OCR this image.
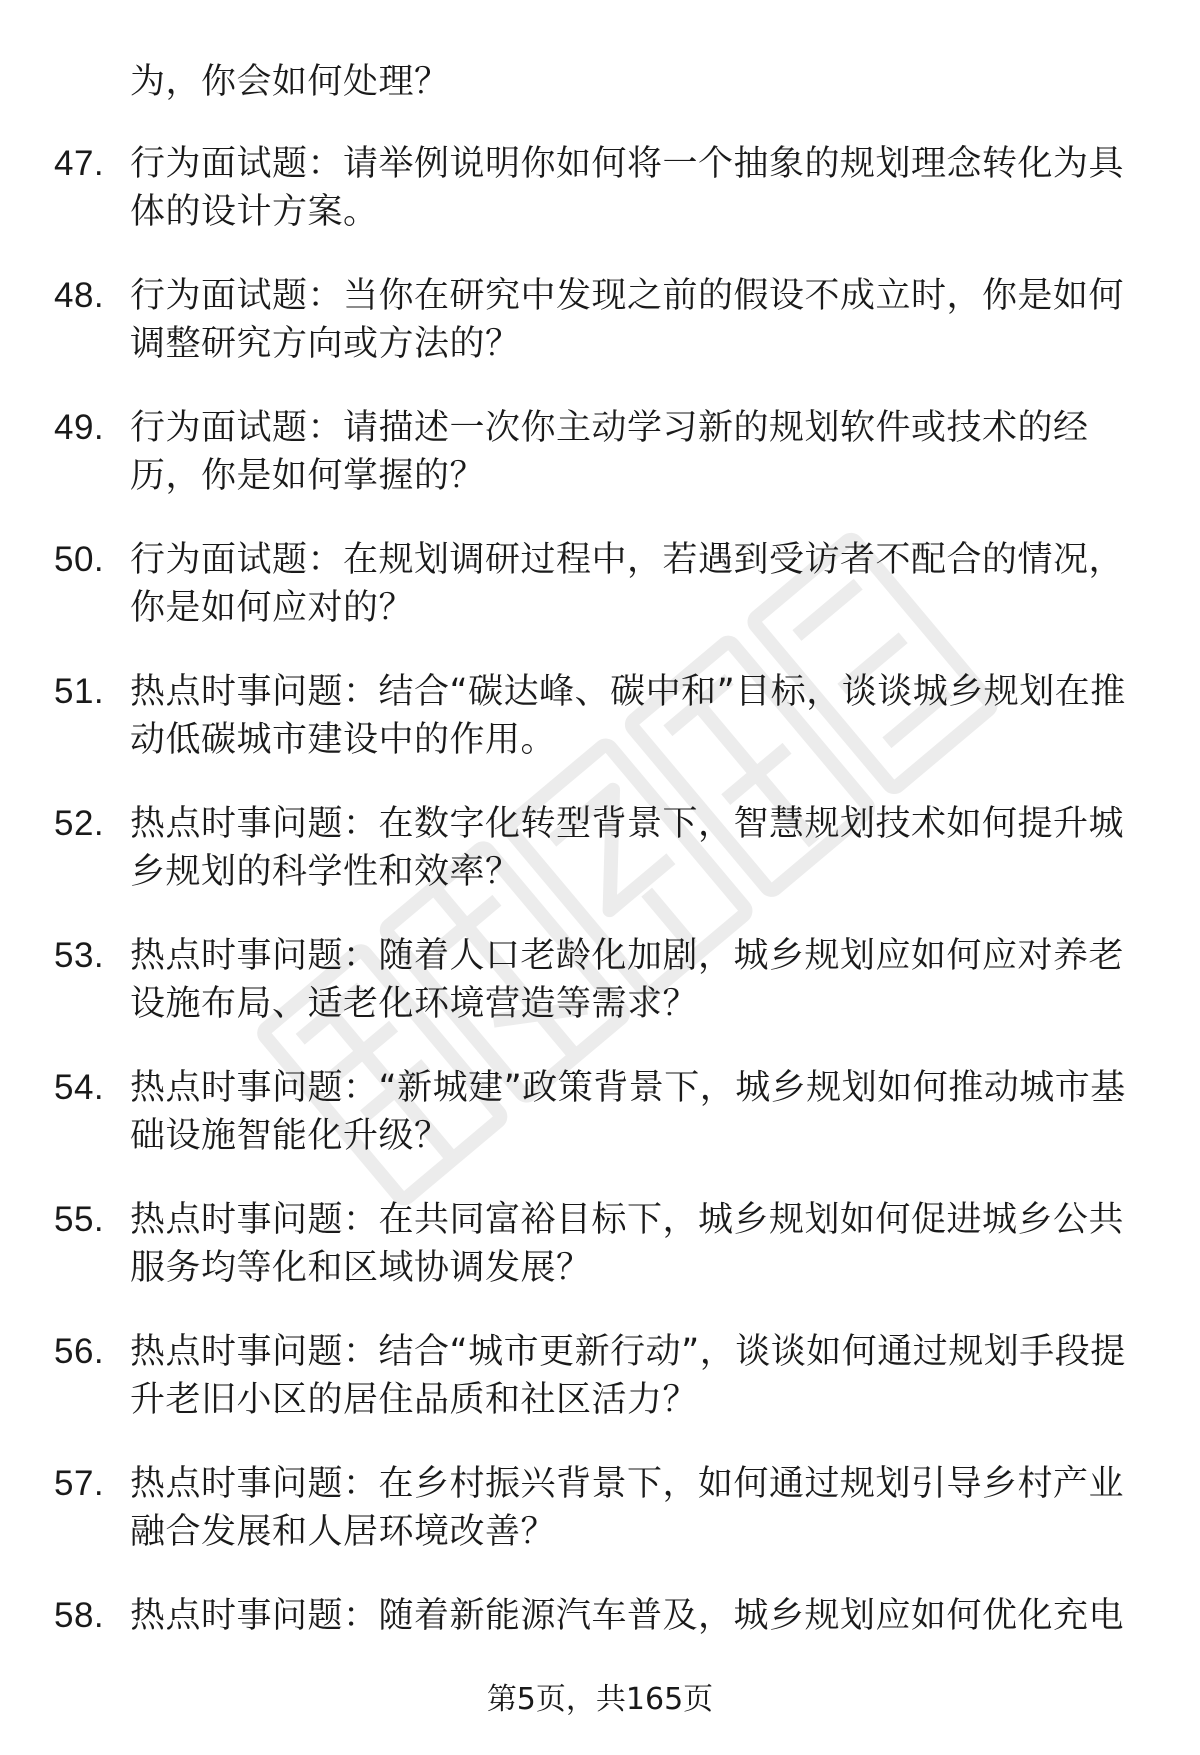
为，你会如何处理？
47. 行为面试题：请举例说明你如何将一个抽象的规划理念转化为具体的设计方案。
48. 行为面试题：当你在研究中发现之前的假设不成立时，你是如何调整研究方向或方法的？
49. 行为面试题：请描述一次你主动学习新的规划软件或技术的经历，你是如何掌握的？
50. 行为面试题：在规划调研过程中，若遇到受访者不配合的情况，你是如何应对的？
51. 热点时事问题：结合“碳达峰、碳中和”目标，谈谈城乡规划在推动低碳城市建设中的作用。
52. 热点时事问题：在数字化转型背景下，智慧规划技术如何提升城乡规划的科学性和效率？
53. 热点时事问题：随着人口老龄化加剧，城乡规划应如何应对养老设施布局、适老化环境营造等需求？
54. 热点时事问题：“新城建”政策背景下，城乡规划如何推动城市基础设施智能化升级？
55. 热点时事问题：在共同富裕目标下，城乡规划如何促进城乡公共服务均等化和区域协调发展？
56. 热点时事问题：结合“城市更新行动”，谈谈如何通过规划手段提升老旧小区的居住品质和社区活力？
57. 热点时事问题：在乡村振兴背景下，如何通过规划引导乡村产业融合发展和人居环境改善？
58. 热点时事问题：随着新能源汽车普及，城乡规划应如何优化充电
第5页，共165页
